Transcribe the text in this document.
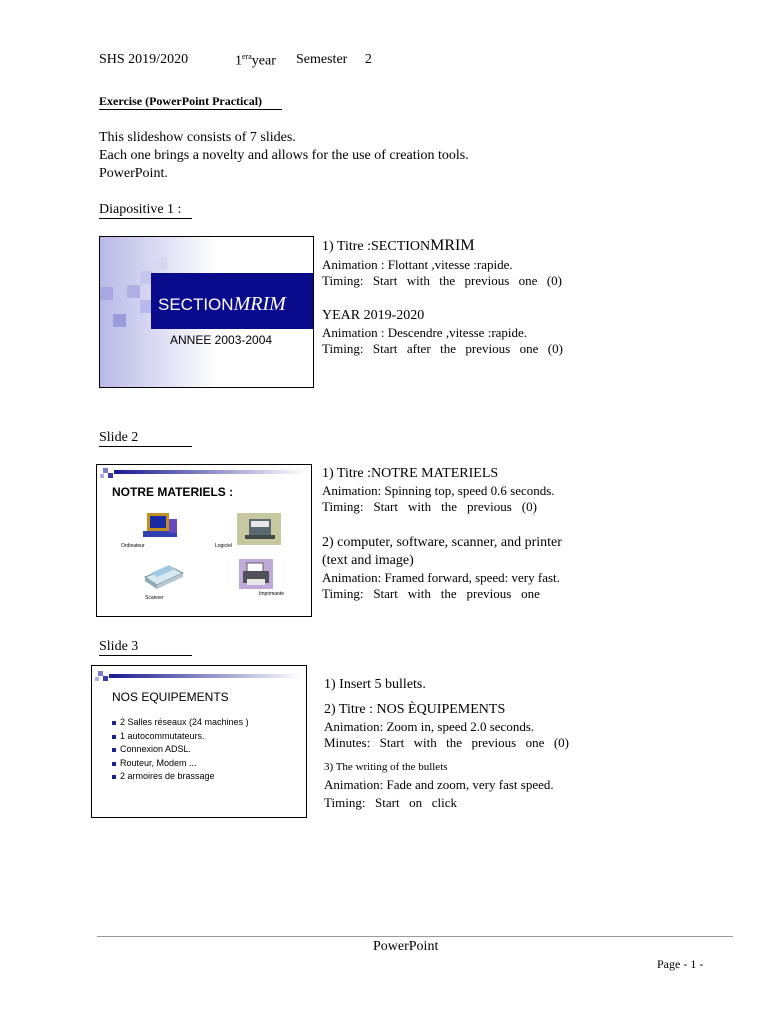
SHS 2019/2020	$1^{era}year$ Semester 2
Exercise (PowerPoint Practical)
This slideshow consists of 7 slides.
Each one brings a novelty and allows for the use of creation tools.
PowerPoint.
Diapositive 1 :
SECTIONMRIM
ANNEE 2003-2004
1) Titre :SECTIONMRIM
Animation : Flottant ,vitesse :rapide.
Timing: Start with the previous one (0)
YEAR 2019-2020
Animation : Descendre ,vitesse :rapide.
Timing: Start after the previous one (0)
Slide 2
NOTRE MATERIELS :
Ordinateur	Logiciel
Scanner
Imprimante
1) Titre :NOTRE MATERIELS
Animation: Spinning top, speed 0.6 seconds.
Timing: Start with the previous (0)
2) computer, software, scanner, and printer
(text and image)
Animation: Framed forward, speed: very fast.
Timing: Start with the previous one
Slide 3
NOS EQUIPEMENTS
2 Salles réseaux (24 machines )
1 autocommutateurs.
Connexion ADSL.
Routeur, Modem ...
2 armoires de brassage
1) Insert 5 bullets.
2) Titre : NOS ÈQUIPEMENTS
Animation: Zoom in, speed 2.0 seconds.
Minutes: Start with the previous one (0)
3) The writing of the bullets
Animation: Fade and zoom, very fast speed.
Timing: Start on click
PowerPoint
Page - 1 -
